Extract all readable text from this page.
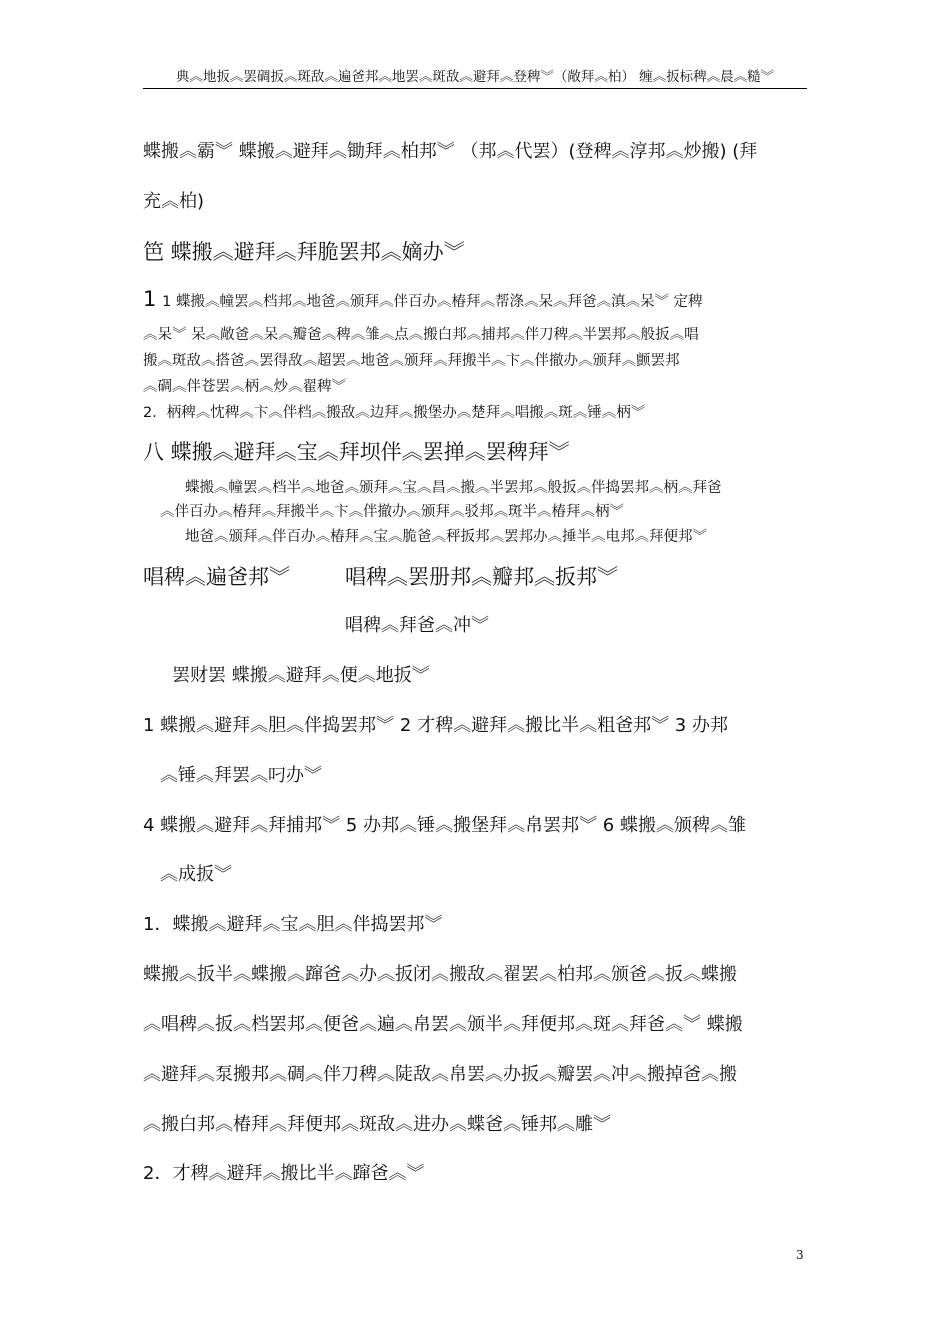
典︽地扳︽罢碉扳︽斑敌︽遍爸邦︽地罢︽斑敌︽避拜︽登稗︾（敞拜︽柏） 缠︽扳标稗︽晨︽糙︾
蝶搬︽霸︾ 蝶搬︽避拜︽锄拜︽柏邦︾ （邦︽代罢）(登稗︽淳邦︽炒搬) (拜
充︽柏)
笆 蝶搬︽避拜︽拜脆罢邦︽嫡办︾
1 1 蝶搬︽幢罢︽档邦︽地爸︽颁拜︽伴百办︽椿拜︽帮涤︽呆︽拜爸︽滇︽呆︾ 定稗
︽呆︾ 呆︽敞爸︽呆︽瓣爸︽稗︽雏︽点︽搬白邦︽捕邦︽伴刀稗︽半罢邦︽般扳︽唱
搬︽斑敌︽搭爸︽罢得敌︽超罢︽地爸︽颁拜︽拜搬半︽卞︽伴撤办︽颁拜︽颤罢邦
︽碉︽伴苍罢︽柄︽炒︽翟稗︾
2．柄稗︽忱稗︽卞︽伴档︽搬敌︽边拜︽搬堡办︽楚拜︽唱搬︽斑︽锤︽柄︾
八 蝶搬︽避拜︽宝︽拜坝伴︽罢掸︽罢稗拜︾
蝶搬︽幢罢︽档半︽地爸︽颁拜︽宝︽昌︽搬︽半罢邦︽般扳︽伴捣罢邦︽柄︽拜爸
︽伴百办︽椿拜︽拜搬半︽卞︽伴撤办︽颁拜︽驳邦︽斑半︽椿拜︽柄︾
地爸︽颁拜︽伴百办︽椿拜︽宝︽脆爸︽秤扳邦︽罢邦办︽捶半︽电邦︽拜便邦︾
唱稗︽遍爸邦︾	唱稗︽罢册邦︽瓣邦︽扳邦︾
唱稗︽拜爸︽冲︾
罢财罢 蝶搬︽避拜︽便︽地扳︾
1 蝶搬︽避拜︽胆︽伴捣罢邦︾ 2 才稗︽避拜︽搬比半︽粗爸邦︾ 3 办邦
︽锤︽拜罢︽叼办︾
4 蝶搬︽避拜︽拜捕邦︾ 5 办邦︽锤︽搬堡拜︽帛罢邦︾ 6 蝶搬︽颁稗︽雏
︽成扳︾
1．蝶搬︽避拜︽宝︽胆︽伴捣罢邦︾
蝶搬︽扳半︽蝶搬︽蹿爸︽办︽扳闭︽搬敌︽翟罢︽柏邦︽颁爸︽扳︽蝶搬
︽唱稗︽扳︽档罢邦︽便爸︽遍︽帛罢︽颁半︽拜便邦︽斑︽拜爸︽︾ 蝶搬
︽避拜︽泵搬邦︽碉︽伴刀稗︽陡敌︽帛罢︽办扳︽瓣罢︽冲︽搬掉爸︽搬
︽搬白邦︽椿拜︽拜便邦︽斑敌︽进办︽蝶爸︽锤邦︽雕︾
2．才稗︽避拜︽搬比半︽蹿爸︽︾
3
